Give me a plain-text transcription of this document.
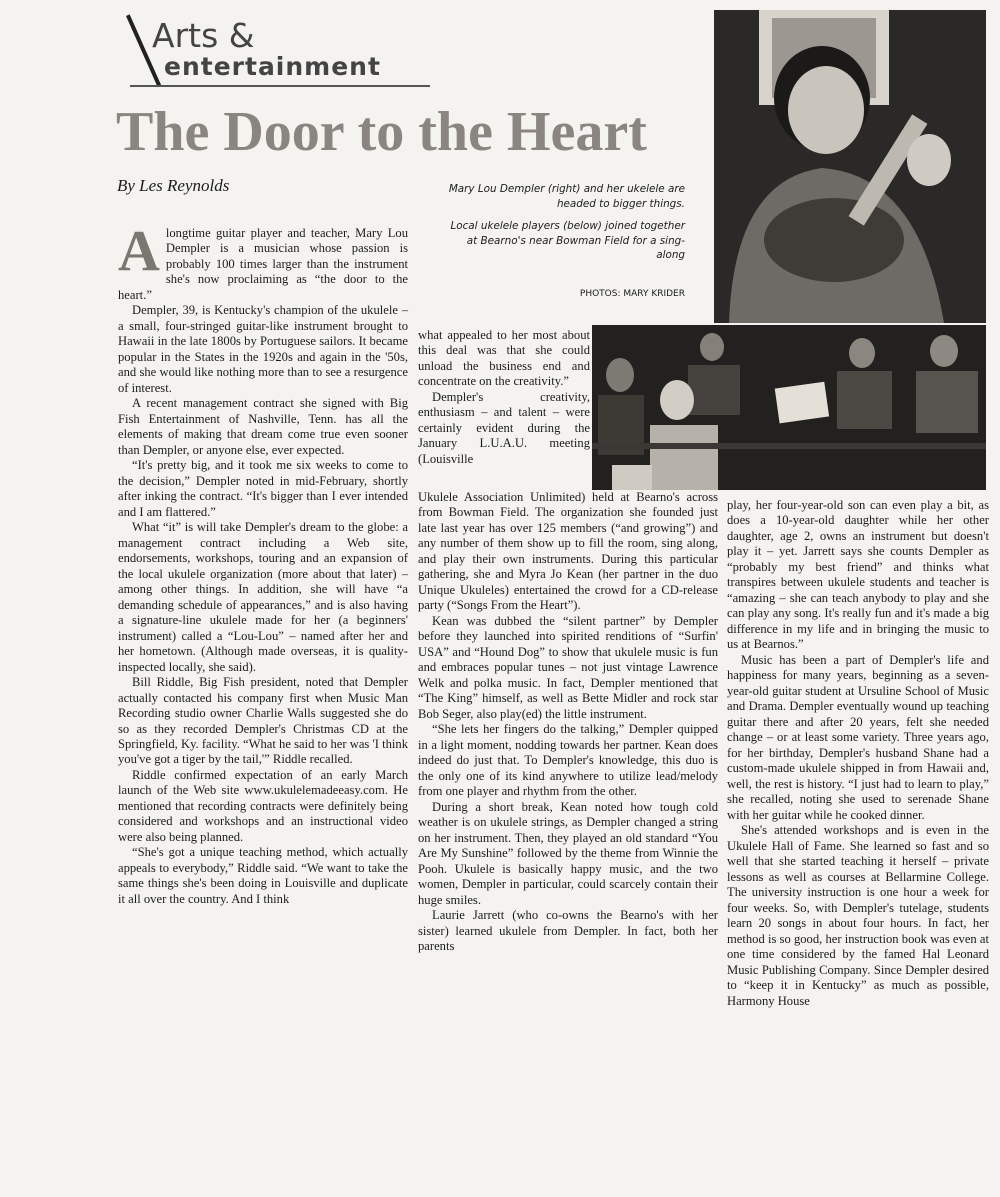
Arts &
entertainment
The Door to the Heart
By Les Reynolds	Mary Lou Dempler (right) and her ukelele are headed to bigger things.

Local ukelele players (below) joined together at Bearno's near Bowman Field for a sing-along

PHOTOS: MARY KRIDER
A longtime guitar player and teacher, Mary Lou Dempler is a musician whose passion is probably 100 times larger than the instrument she's now proclaiming as “the door to the heart.”

Dempler, 39, is Kentucky's champion of the ukulele – a small, four-stringed guitar-like instrument brought to Hawaii in the late 1800s by Portuguese sailors. It became popular in the States in the 1920s and again in the '50s, and she would like nothing more than to see a resurgence of interest.

A recent management contract she signed with Big Fish Entertainment of Nashville, Tenn. has all the elements of making that dream come true even sooner than Dempler, or anyone else, ever expected.

“It's pretty big, and it took me six weeks to come to the decision,” Dempler noted in mid-February, shortly after inking the contract. “It's bigger than I ever intended and I am flattered.”

What “it” is will take Dempler's dream to the globe: a management contract including a Web site, endorsements, workshops, touring and an expansion of the local ukulele organization (more about that later) – among other things. In addition, she will have “a demanding schedule of appearances,” and is also having a signature-line ukulele made for her (a beginners' instrument) called a “Lou-Lou” – named after her and her hometown. (Although made overseas, it is quality-inspected locally, she said).

Bill Riddle, Big Fish president, noted that Dempler actually contacted his company first when Music Man Recording studio owner Charlie Walls suggested she do so as they recorded Dempler's Christmas CD at the Springfield, Ky. facility. “What he said to her was 'I think you've got a tiger by the tail,'” Riddle recalled.

Riddle confirmed expectation of an early March launch of the Web site www.ukulelemadeeasy.com. He mentioned that recording contracts were definitely being considered and workshops and an instructional video were also being planned.

“She's got a unique teaching method, which actually appeals to everybody,” Riddle said. “We want to take the same things she's been doing in Louisville and duplicate it all over the country. And I think

what appealed to her most about this deal was that she could unload the business end and concentrate on the creativity.”

Dempler's creativity, enthusiasm – and talent – were certainly evident during the January L.U.A.U. meeting (Louisville

Ukulele Association Unlimited) held at Bearno's across from Bowman Field. The organization she founded just late last year has over 125 members (“and growing”) and any number of them show up to fill the room, sing along, and play their own instruments. During this particular gathering, she and Myra Jo Kean (her partner in the duo Unique Ukuleles) entertained the crowd for a CD-release party (“Songs From the Heart”).

Kean was dubbed the “silent partner” by Dempler before they launched into spirited renditions of “Surfin' USA” and “Hound Dog” to show that ukulele music is fun and embraces popular tunes – not just vintage Lawrence Welk and polka music. In fact, Dempler mentioned that “The King” himself, as well as Bette Midler and rock star Bob Seger, also play(ed) the little instrument.

“She lets her fingers do the talking,” Dempler quipped in a light moment, nodding towards her partner. Kean does indeed do just that. To Dempler's knowledge, this duo is the only one of its kind anywhere to utilize lead/melody from one player and rhythm from the other.

During a short break, Kean noted how tough cold weather is on ukulele strings, as Dempler changed a string on her instrument. Then, they played an old standard “You Are My Sunshine” followed by the theme from Winnie the Pooh. Ukulele is basically happy music, and the two women, Dempler in particular, could scarcely contain their huge smiles.

Laurie Jarrett (who co-owns the Bearno's with her sister) learned ukulele from Dempler. In fact, both her parents

play, her four-year-old son can even play a bit, as does a 10-year-old daughter while her other daughter, age 2, owns an instrument but doesn't play it – yet. Jarrett says she counts Dempler as “probably my best friend” and thinks what transpires between ukulele students and teacher is “amazing – she can teach anybody to play and she can play any song. It's really fun and it's made a big difference in my life and in bringing the music to us at Bearnos.”

Music has been a part of Dempler's life and happiness for many years, beginning as a seven-year-old guitar student at Ursuline School of Music and Drama. Dempler eventually wound up teaching guitar there and after 20 years, felt she needed change – or at least some variety. Three years ago, for her birthday, Dempler's husband Shane had a custom-made ukulele shipped in from Hawaii and, well, the rest is history. “I just had to learn to play,” she recalled, noting she used to serenade Shane with her guitar while he cooked dinner.

She's attended workshops and is even in the Ukulele Hall of Fame. She learned so fast and so well that she started teaching it herself – private lessons as well as courses at Bellarmine College. The university instruction is one hour a week for four weeks. So, with Dempler's tutelage, students learn 20 songs in about four hours. In fact, her method is so good, her instruction book was even at one time considered by the famed Hal Leonard Music Publishing Company. Since Dempler desired to “keep it in Kentucky” as much as possible, Harmony House
